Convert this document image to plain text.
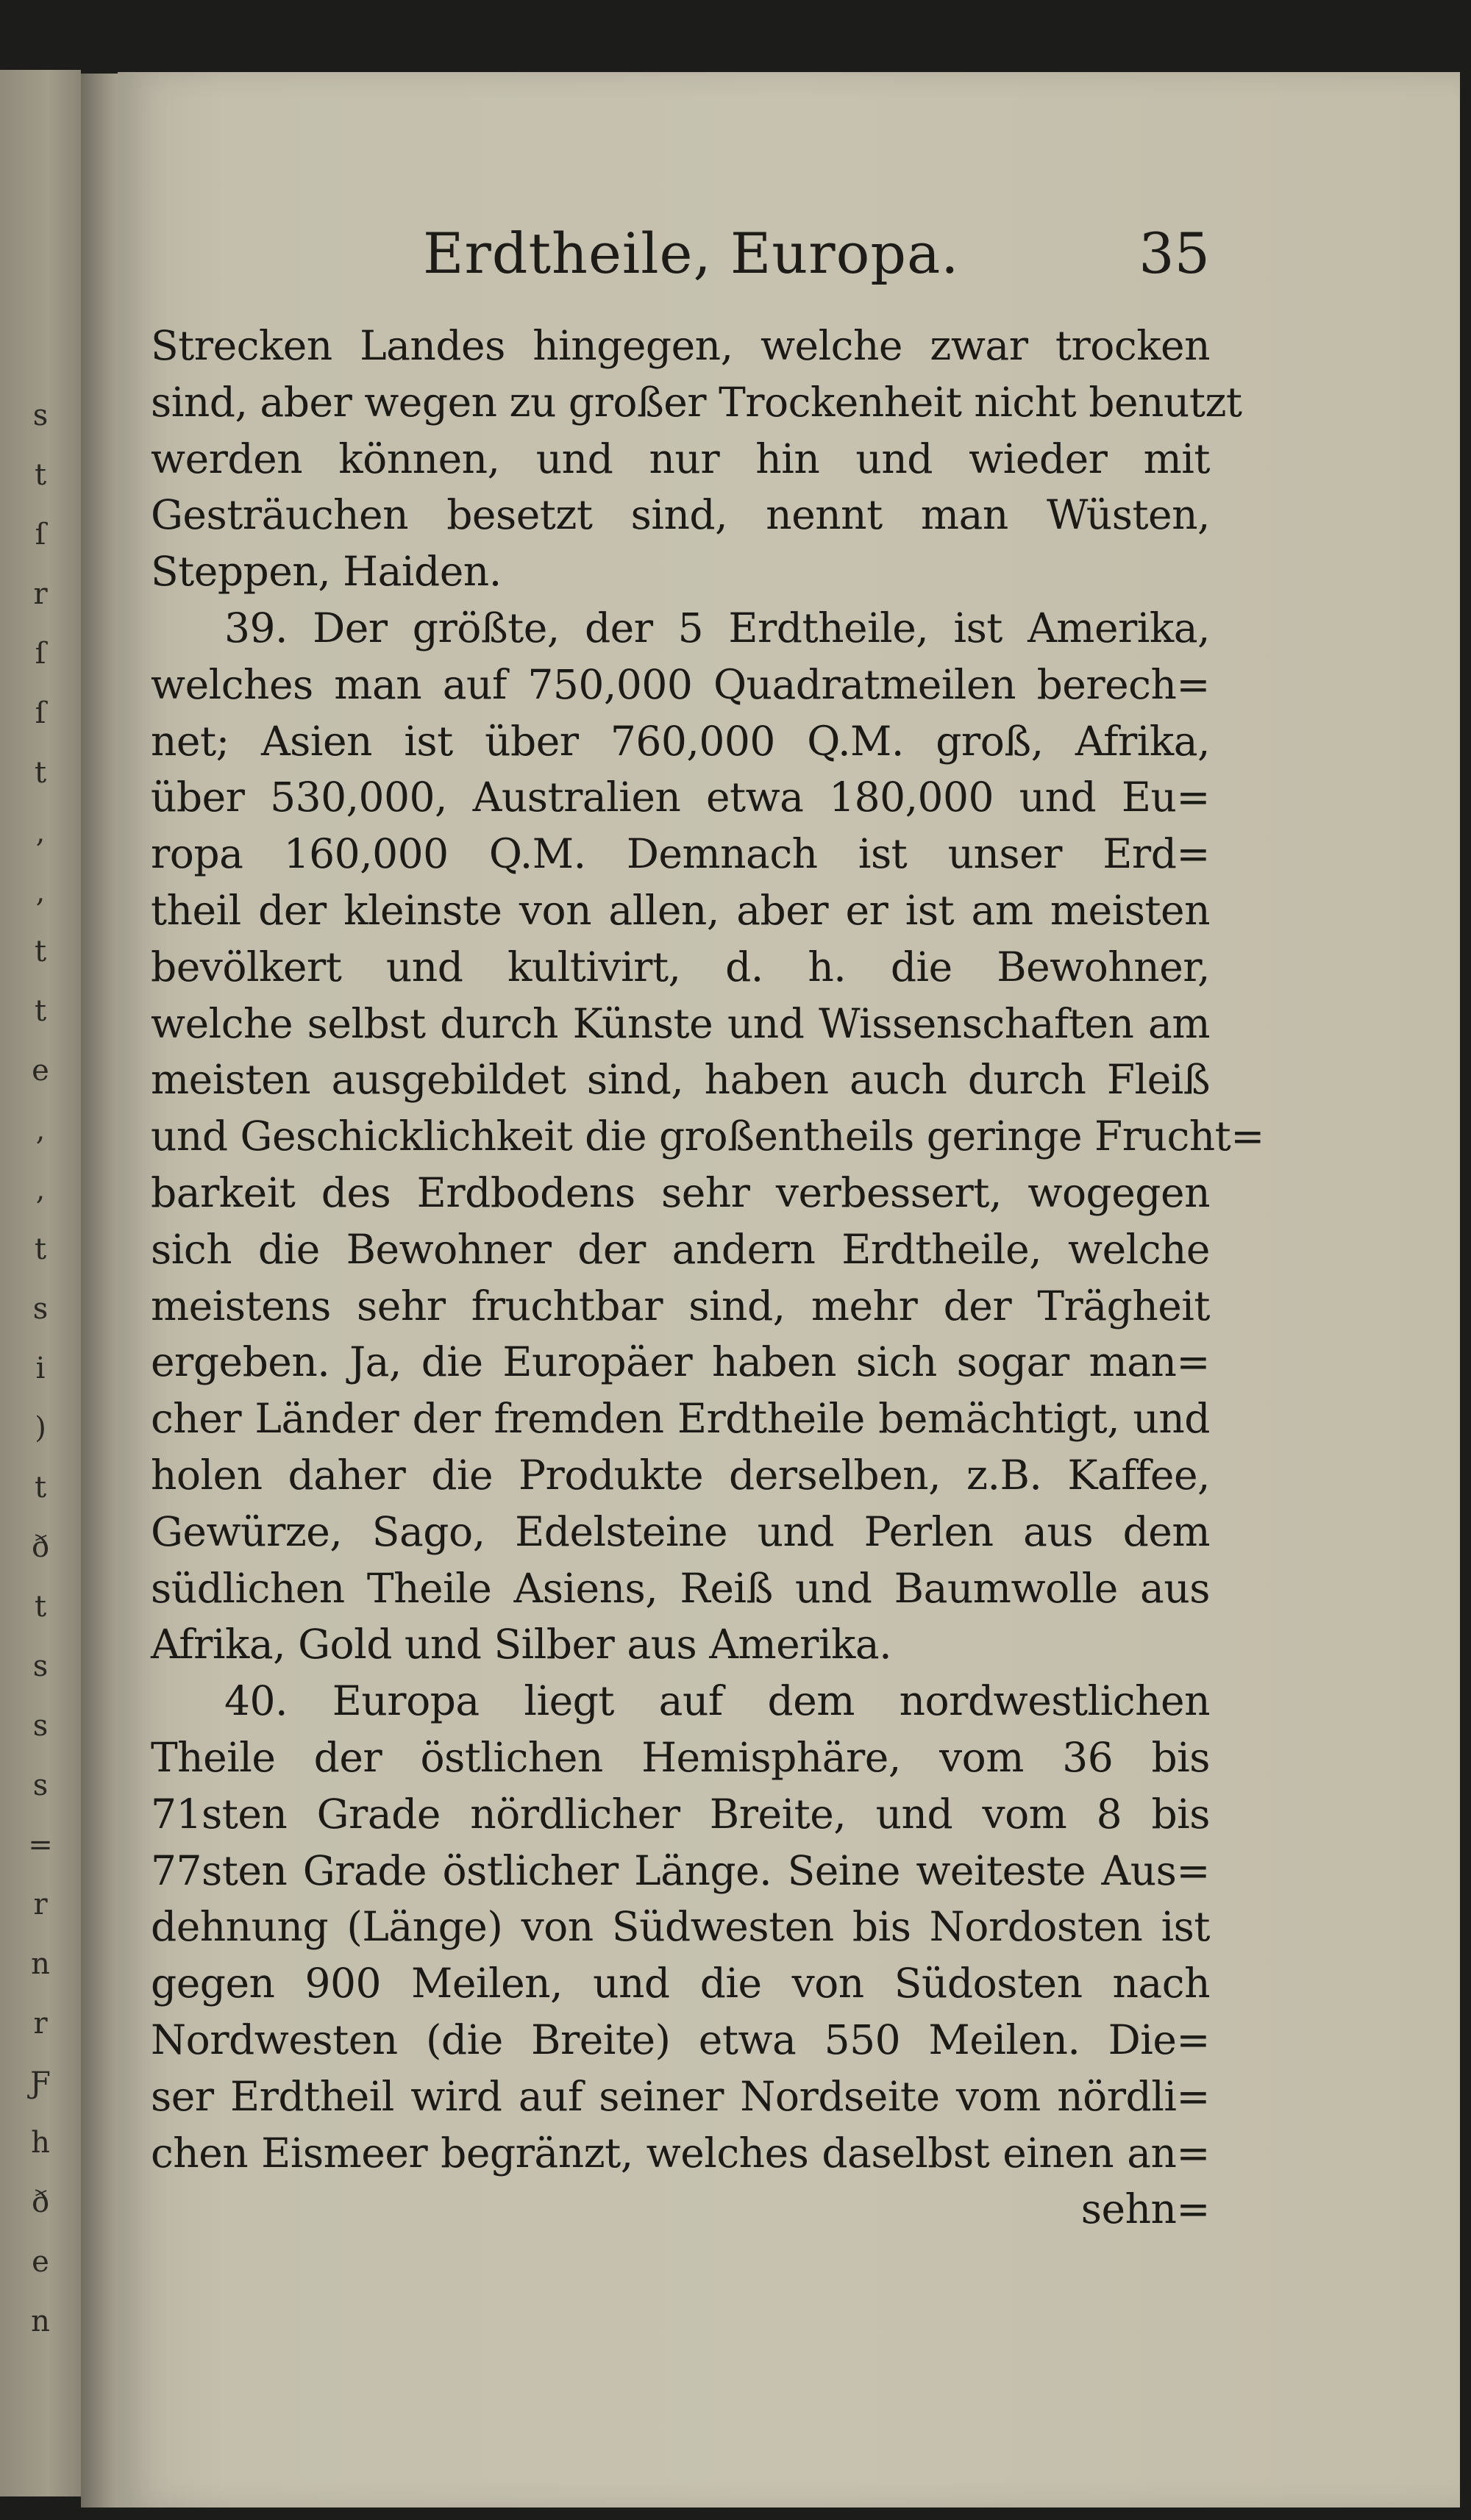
s
t
ſ
r
ſ
ſ
t
,
,
t
t
e
,
,
t
s
i
)
t
ð
t
s
s
s
=
r
n
r
Ƒ
h
ð
e
n
Erdtheile, Europa.	35
Strecken Landes hingegen, welche zwar trocken
sind, aber wegen zu großer Trockenheit nicht benutzt
werden können, und nur hin und wieder mit
Gesträuchen besetzt sind, nennt man Wüsten,
Steppen, Haiden.
39. Der größte, der 5 Erdtheile, ist Amerika,
welches man auf 750,000 Quadratmeilen berech=
net; Asien ist über 760,000 Q.M. groß, Afrika,
über 530,000, Australien etwa 180,000 und Eu=
ropa 160,000 Q.M. Demnach ist unser Erd=
theil der kleinste von allen, aber er ist am meisten
bevölkert und kultivirt, d. h. die Bewohner,
welche selbst durch Künste und Wissenschaften am
meisten ausgebildet sind, haben auch durch Fleiß
und Geschicklichkeit die großentheils geringe Frucht=
barkeit des Erdbodens sehr verbessert, wogegen
sich die Bewohner der andern Erdtheile, welche
meistens sehr fruchtbar sind, mehr der Trägheit
ergeben. Ja, die Europäer haben sich sogar man=
cher Länder der fremden Erdtheile bemächtigt, und
holen daher die Produkte derselben, z.B. Kaffee,
Gewürze, Sago, Edelsteine und Perlen aus dem
südlichen Theile Asiens, Reiß und Baumwolle aus
Afrika, Gold und Silber aus Amerika.
40. Europa liegt auf dem nordwestlichen
Theile der östlichen Hemisphäre, vom 36 bis
71sten Grade nördlicher Breite, und vom 8 bis
77sten Grade östlicher Länge. Seine weiteste Aus=
dehnung (Länge) von Südwesten bis Nordosten ist
gegen 900 Meilen, und die von Südosten nach
Nordwesten (die Breite) etwa 550 Meilen. Die=
ser Erdtheil wird auf seiner Nordseite vom nördli=
chen Eismeer begränzt, welches daselbst einen an=
sehn=
